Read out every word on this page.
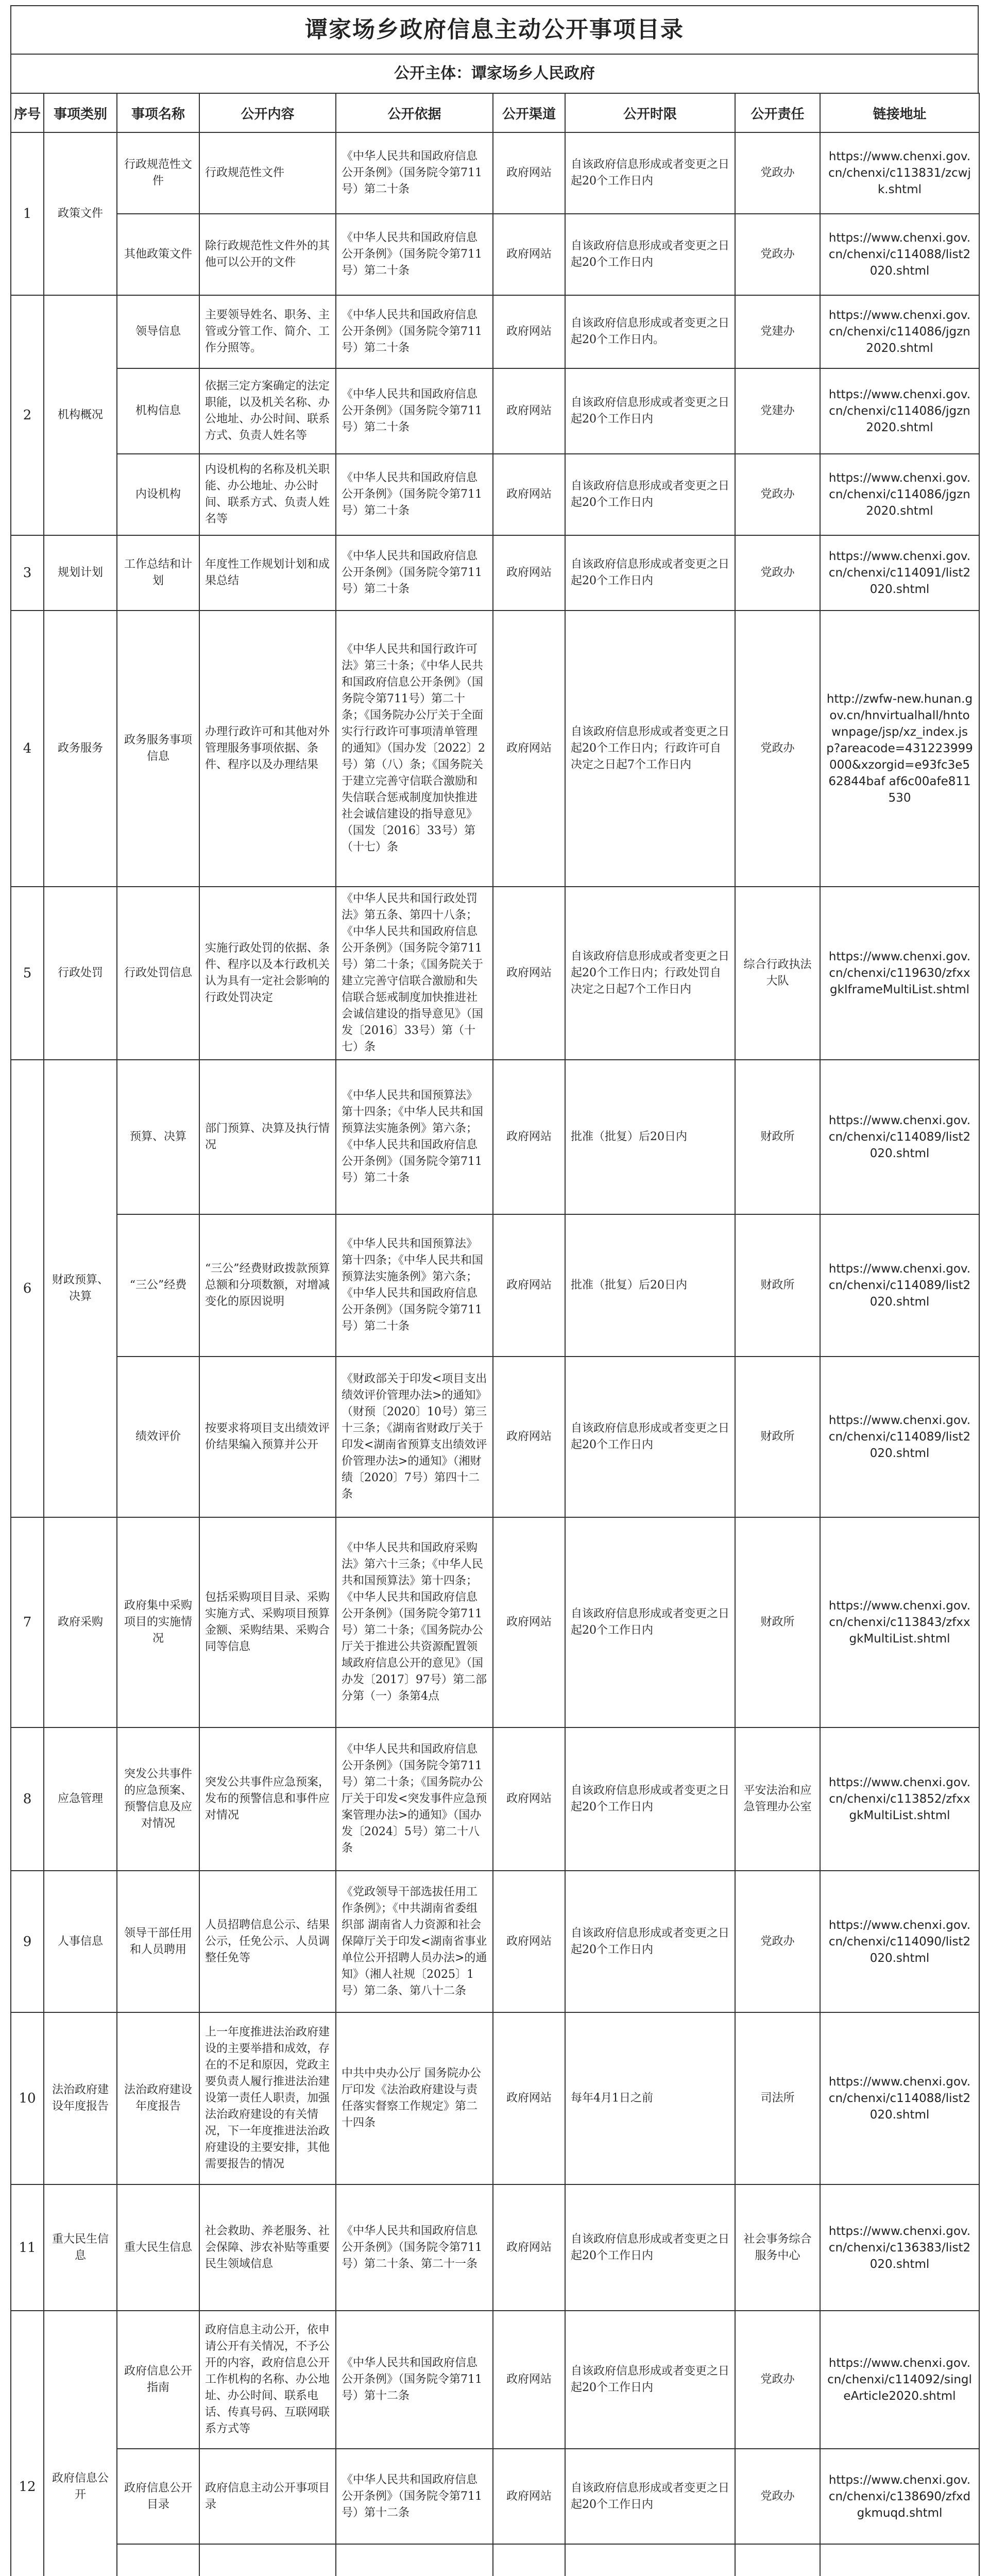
谭家场乡政府信息主动公开事项目录
公开主体：谭家场乡人民政府
序号	事项类别	事项名称	公开内容	公开依据	公开渠道	公开时限	公开责任	链接地址
1	政策文件	行政规范性文件	行政规范性文件	《中华人民共和国政府信息公开条例》（国务院令第711号）第二十条	政府网站	自该政府信息形成或者变更之日起20个工作日内	党政办	https://www.chenxi.gov.cn/chenxi/c113831/zcwjk.shtml
		其他政策文件	除行政规范性文件外的其他可以公开的文件	《中华人民共和国政府信息公开条例》（国务院令第711号）第二十条	政府网站	自该政府信息形成或者变更之日起20个工作日内	党政办	https://www.chenxi.gov.cn/chenxi/c114088/list2020.shtml
2	机构概况	领导信息	主要领导姓名、职务、主管或分管工作、简介、工作分照等。	《中华人民共和国政府信息公开条例》（国务院令第711号）第二十条	政府网站	自该政府信息形成或者变更之日起20个工作日内。	党建办	https://www.chenxi.gov.cn/chenxi/c114086/jgzn2020.shtml
		机构信息	依据三定方案确定的法定职能，以及机关名称、办公地址、办公时间、联系方式、负责人姓名等	《中华人民共和国政府信息公开条例》（国务院令第711号）第二十条	政府网站	自该政府信息形成或者变更之日起20个工作日内	党建办	https://www.chenxi.gov.cn/chenxi/c114086/jgzn2020.shtml
		内设机构	内设机构的名称及机关职能、办公地址、办公时间、联系方式、负责人姓名等	《中华人民共和国政府信息公开条例》（国务院令第711号）第二十条	政府网站	自该政府信息形成或者变更之日起20个工作日内	党政办	https://www.chenxi.gov.cn/chenxi/c114086/jgzn2020.shtml
3	规划计划	工作总结和计划	年度性工作规划计划和成果总结	《中华人民共和国政府信息公开条例》（国务院令第711号）第二十条	政府网站	自该政府信息形成或者变更之日起20个工作日内	党政办	https://www.chenxi.gov.cn/chenxi/c114091/list2020.shtml
4	政务服务	政务服务事项信息	办理行政许可和其他对外管理服务事项依据、条件、程序以及办理结果	《中华人民共和国行政许可法》第三十条；《中华人民共和国政府信息公开条例》（国务院令第711号）第二十条；《国务院办公厅关于全面实行行政许可事项清单管理的通知》（国办发〔2022〕2号）第（八）条；《国务院关于建立完善守信联合激励和失信联合惩戒制度加快推进社会诚信建设的指导意见》（国发〔2016〕33号）第（十七）条	政府网站	自该政府信息形成或者变更之日起20个工作日内；行政许可自决定之日起7个工作日内	党政办	http://zwfw-new.hunan.gov.cn/hnvirtualhall/hntownpage/jsp/xz_index.jsp?areacode=431223999000&xzorgid=e93fc3e562844baf af6c00afe811530
5	行政处罚	行政处罚信息	实施行政处罚的依据、条件、程序以及本行政机关认为具有一定社会影响的行政处罚决定	《中华人民共和国行政处罚法》第五条、第四十八条；《中华人民共和国政府信息公开条例》（国务院令第711号）第二十条；《国务院关于建立完善守信联合激励和失信联合惩戒制度加快推进社会诚信建设的指导意见》（国发〔2016〕33号）第（十七）条	政府网站	自该政府信息形成或者变更之日起20个工作日内；行政处罚自决定之日起7个工作日内	综合行政执法大队	https://www.chenxi.gov.cn/chenxi/c119630/zfxxgkIframeMultiList.shtml
6	财政预算、决算	预算、决算	部门预算、决算及执行情况	《中华人民共和国预算法》第十四条；《中华人民共和国预算法实施条例》第六条；《中华人民共和国政府信息公开条例》（国务院令第711号）第二十条	政府网站	批准（批复）后20日内	财政所	https://www.chenxi.gov.cn/chenxi/c114089/list2020.shtml
		“三公”经费	“三公”经费财政拨款预算总额和分项数额，对增减变化的原因说明	《中华人民共和国预算法》第十四条；《中华人民共和国预算法实施条例》第六条；《中华人民共和国政府信息公开条例》（国务院令第711号）第二十条	政府网站	批准（批复）后20日内	财政所	https://www.chenxi.gov.cn/chenxi/c114089/list2020.shtml
		绩效评价	按要求将项目支出绩效评价结果编入预算并公开	《财政部关于印发<项目支出绩效评价管理办法>的通知》（财预〔2020〕10号）第三十三条；《湖南省财政厅关于印发<湖南省预算支出绩效评价管理办法>的通知》（湘财绩〔2020〕7号）第四十二条	政府网站	自该政府信息形成或者变更之日起20个工作日内	财政所	https://www.chenxi.gov.cn/chenxi/c114089/list2020.shtml
7	政府采购	政府集中采购项目的实施情况	包括采购项目目录、采购实施方式、采购项目预算金额、采购结果、采购合同等信息	《中华人民共和国政府采购法》第六十三条；《中华人民共和国预算法》第十四条；《中华人民共和国政府信息公开条例》（国务院令第711号）第二十条；《国务院办公厅关于推进公共资源配置领域政府信息公开的意见》（国办发〔2017〕97号）第二部分第（一）条第4点	政府网站	自该政府信息形成或者变更之日起20个工作日内	财政所	https://www.chenxi.gov.cn/chenxi/c113843/zfxxgkMultiList.shtml
8	应急管理	突发公共事件的应急预案、预警信息及应对情况	突发公共事件应急预案，发布的预警信息和事件应对情况	《中华人民共和国政府信息公开条例》（国务院令第711号）第二十条；《国务院办公厅关于印发<突发事件应急预案管理办法>的通知》（国办发〔2024〕5号）第二十八条	政府网站	自该政府信息形成或者变更之日起20个工作日内	平安法治和应急管理办公室	https://www.chenxi.gov.cn/chenxi/c113852/zfxxgkMultiList.shtml
9	人事信息	领导干部任用和人员聘用	人员招聘信息公示、结果公示，任免公示、人员调整任免等	《党政领导干部选拔任用工作条例》；《中共湖南省委组织部 湖南省人力资源和社会保障厅关于印发<湖南省事业单位公开招聘人员办法>的通知》（湘人社规〔2025〕1号）第二条、第八十二条	政府网站	自该政府信息形成或者变更之日起20个工作日内	党政办	https://www.chenxi.gov.cn/chenxi/c114090/list2020.shtml
10	法治政府建设年度报告	法治政府建设年度报告	上一年度推进法治政府建设的主要举措和成效，存在的不足和原因，党政主要负责人履行推进法治建设第一责任人职责，加强法治政府建设的有关情况，下一年度推进法治政府建设的主要安排，其他需要报告的情况	中共中央办公厅 国务院办公厅印发《法治政府建设与责任落实督察工作规定》第二十四条	政府网站	每年4月1日之前	司法所	https://www.chenxi.gov.cn/chenxi/c114088/list2020.shtml
11	重大民生信息	重大民生信息	社会救助、养老服务、社会保障、涉农补贴等重要民生领域信息	《中华人民共和国政府信息公开条例》（国务院令第711号）第二十条、第二十一条	政府网站	自该政府信息形成或者变更之日起20个工作日内	社会事务综合服务中心	https://www.chenxi.gov.cn/chenxi/c136383/list2020.shtml
12	政府信息公开	政府信息公开指南	政府信息主动公开，依申请公开有关情况，不予公开的内容，政府信息公开工作机构的名称、办公地址、办公时间、联系电话、传真号码、互联网联系方式等	《中华人民共和国政府信息公开条例》（国务院令第711号）第十二条	政府网站	自该政府信息形成或者变更之日起20个工作日内	党政办	https://www.chenxi.gov.cn/chenxi/c114092/singleArticle2020.shtml
		政府信息公开目录	政府信息主动公开事项目录	《中华人民共和国政府信息公开条例》（国务院令第711号）第十二条	政府网站	自该政府信息形成或者变更之日起20个工作日内	党政办	https://www.chenxi.gov.cn/chenxi/c138690/zfxdgkmuqd.shtml
